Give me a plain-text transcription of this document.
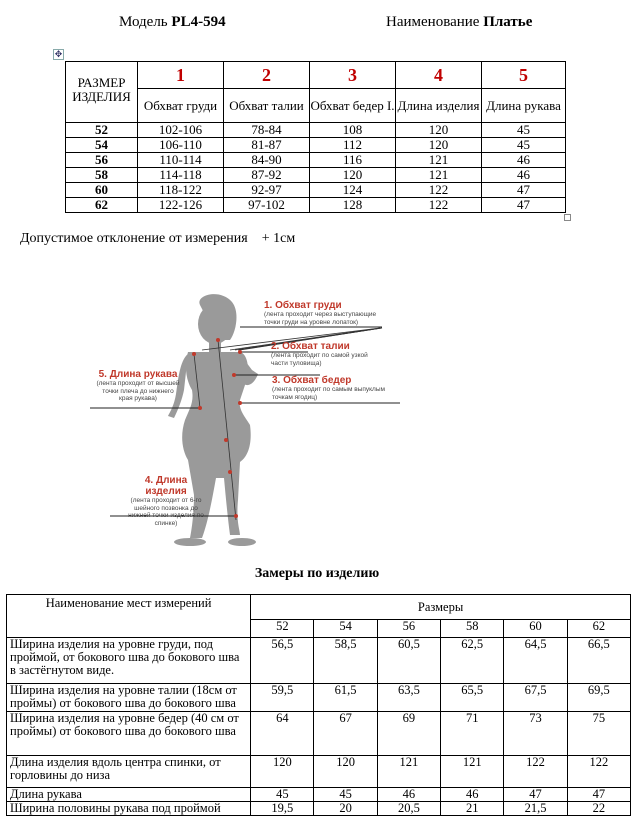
Модель PL4-594	Наименование Платье
✥
РАЗМЕР ИЗДЕЛИЯ	1	2	3	4	5
	Обхват груди	Обхват талии	Обхват бедер I.	Длина изделия	Длина рукава
52	102-106	78-84	108	120	45
54	106-110	81-87	112	120	45
56	110-114	84-90	116	121	46
58	114-118	87-92	120	121	46
60	118-122	92-97	124	122	47
62	122-126	97-102	128	122	47
Допустимое отклонение от измерения + 1см
1. Обхват груди
(лента проходит через выступающие точки груди на уровне лопаток)
2. Обхват талии
(лента проходит по самой узкой части туловища)
3. Обхват бедер
(лента проходит по самым выпуклым точкам ягодиц)
5. Длина рукава
(лента проходит от высшей точки плеча до нижнего края рукава)
4. Длина изделия
(лента проходит от 6-го шейного позвонка до нижней точки изделия по спинке)
Замеры по изделию
Наименование мест измерений	Размеры					
	52	54	56	58	60	62
Ширина изделия на уровне груди, под проймой, от бокового шва до бокового шва в застёгнутом виде.	56,5	58,5	60,5	62,5	64,5	66,5
Ширина изделия на уровне талии (18см от проймы) от бокового шва до бокового шва	59,5	61,5	63,5	65,5	67,5	69,5
Ширина изделия на уровне бедер (40 см от проймы) от бокового шва до бокового шва	64	67	69	71	73	75
Длина изделия вдоль центра спинки, от горловины до низа	120	120	121	121	122	122
Длина рукава	45	45	46	46	47	47
Ширина половины рукава под проймой	19,5	20	20,5	21	21,5	22
